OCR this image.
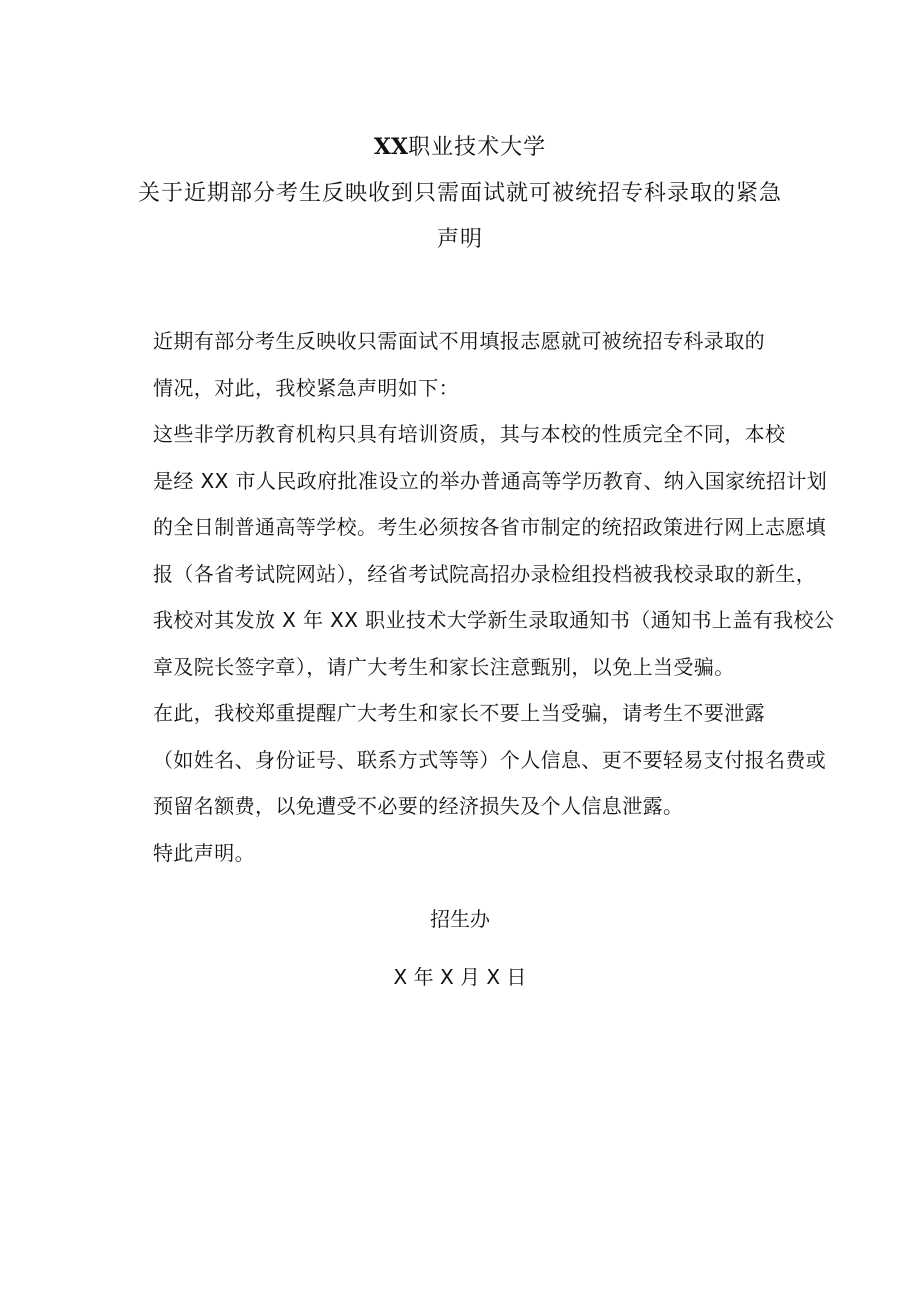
XX职业技术大学
关于近期部分考生反映收到只需面试就可被统招专科录取的紧急
声明

近期有部分考生反映收只需面试不用填报志愿就可被统招专科录取的
情况，对此，我校紧急声明如下：

这些非学历教育机构只具有培训资质，其与本校的性质完全不同，本校
是经 XX 市人民政府批准设立的举办普通高等学历教育、纳入国家统招计划
的全日制普通高等学校。考生必须按各省市制定的统招政策进行网上志愿填
报（各省考试院网站），经省考试院高招办录检组投档被我校录取的新生，
我校对其发放 X 年 XX 职业技术大学新生录取通知书（通知书上盖有我校公
章及院长签字章），请广大考生和家长注意甄别，以免上当受骗。

在此，我校郑重提醒广大考生和家长不要上当受骗，请考生不要泄露
（如姓名、身份证号、联系方式等等）个人信息、更不要轻易支付报名费或
预留名额费，以免遭受不必要的经济损失及个人信息泄露。

特此声明。

招生办
X 年 X 月 X 日
